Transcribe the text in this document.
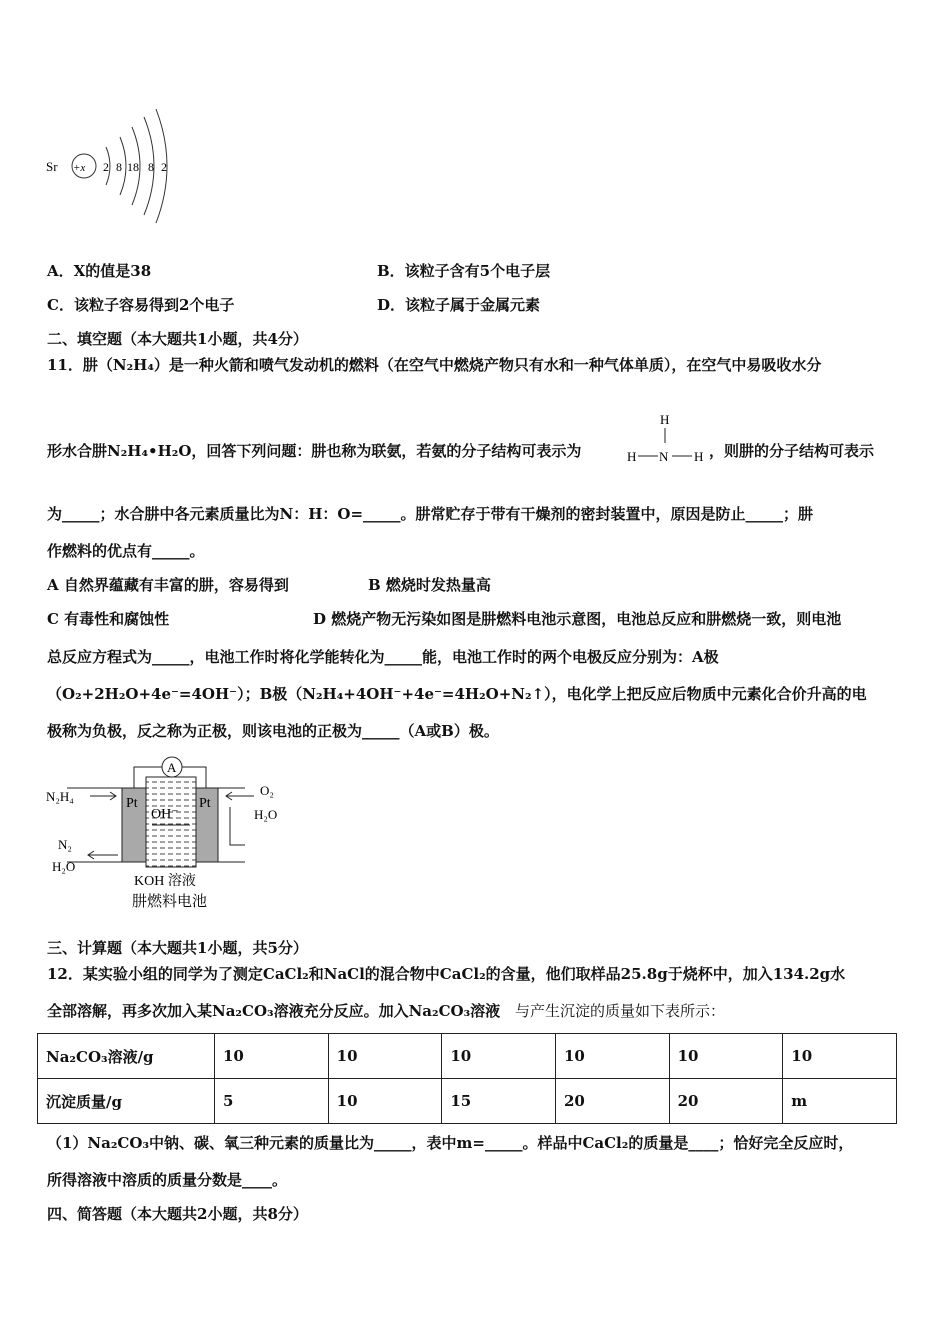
Sr +x 2 8 18 8 2
A．X的值是38	B．该粒子含有5个电子层
C．该粒子容易得到2个电子	D．该粒子属于金属元素
二、填空题（本大题共1小题，共4分）
11．肼（N₂H₄）是一种火箭和喷气发动机的燃料（在空气中燃烧产物只有水和一种气体单质），在空气中易吸收水分
形水合肼N₂H₄•H₂O，回答下列问题：肼也称为联氨，若氨的分子结构可表示为
H
H N H ，则肼的分子结构可表示
为_____；水合肼中各元素质量比为N：H：O=_____。肼常贮存于带有干燥剂的密封装置中，原因是防止_____；肼
作燃料的优点有_____。
A 自然界蕴藏有丰富的肼，容易得到	B 燃烧时发热量高
C 有毒性和腐蚀性	D 燃烧产物无污染如图是肼燃料电池示意图，电池总反应和肼燃烧一致，则电池
总反应方程式为_____，电池工作时将化学能转化为_____能，电池工作时的两个电极反应分别为：A极
（O₂+2H₂O+4e⁻=4OH⁻）；B极（N₂H₄+4OH⁻+4e⁻=4H₂O+N₂↑），电化学上把反应后物质中元素化合价升高的电
极称为负极，反之称为正极，则该电池的正极为_____（A或B）极。
A
Pt	Pt
OH⁻
N₂H₄
N₂
H₂O
O₂
H₂O
KOH 溶液
肼燃料电池
三、计算题（本大题共1小题，共5分）
12．某实验小组的同学为了测定CaCl₂和NaCl的混合物中CaCl₂的含量，他们取样品25.8g于烧杯中，加入134.2g水
全部溶解，再多次加入某Na₂CO₃溶液充分反应。加入Na₂CO₃溶液 与产生沉淀的质量如下表所示：
Na₂CO₃溶液/g	10	10	10	10	10	10
沉淀质量/g	5	10	15	20	20	m
（1）Na₂CO₃中钠、碳、氧三种元素的质量比为_____，表中m=_____。样品中CaCl₂的质量是____；恰好完全反应时，
所得溶液中溶质的质量分数是____。
四、简答题（本大题共2小题，共8分）
